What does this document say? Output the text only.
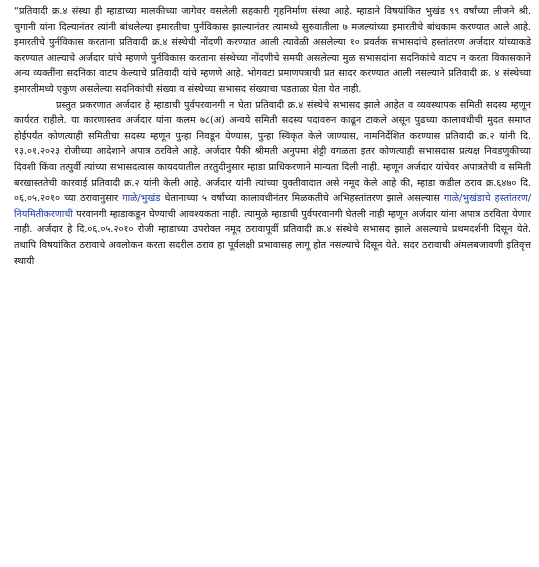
“प्रतिवादी क्र.४ संस्था ही म्हाडाच्या मालकीच्या जागेवर वसलेली सहकारी गृहनिर्माण संस्था आहे. म्हाडाने विषयांकित भुखंड ९९ वर्षांच्या लीजने श्री. चुगानी यांना दिल्यानंतर त्यांनी बांधलेल्या इमारतीचा पुर्नविकास झाल्यानंतर त्यामध्ये सुरुवातीला ७ मजल्यांच्या इमारतीचे बांधकाम करण्यात आले आहे. इमारतीचे पुर्नविकास करताना प्रतिवादी क्र.४ संस्थेची नोंदणी करण्यात आली त्यावेळी असलेल्या १० प्रवर्तक सभासदांचे हस्तांतरण अर्जदार यांच्याकडे करण्यात आल्याचे अर्जदार यांचे म्हणणे पुर्नविकास करताना संस्थेच्या नोंदणीचे समयी असलेल्या मुळ सभासदांना सदनिकांचे वाटप न करता विकासकाने अन्य व्यक्तींना सदनिका वाटप केल्याचे प्रतिवादी यांचे म्हणणे आहे. भोगवटा प्रमाणपत्राची प्रत सादर करण्यात आली नसल्याने प्रतिवादी क्र. ४ संस्थेच्या इमारतीमध्ये एकुण असलेल्या सदनिकांची संख्या व संस्थेच्या सभासद संख्याचा पडताळा घेता येत नाही.

प्रस्तुत प्रकरणात अर्जदार हे म्हाडाची पुर्वपरवानगी न घेता प्रतिवादी क्र.४ संस्थेचे सभासद झाले आहेत व व्यवस्थापक समिती सदस्य म्हणून कार्यरत राहीले. या कारणास्तव अर्जदार यांना कलम ७८(अ) अन्वये समिती सदस्य पदावरुन काढून टाकले असून पुढच्या कालावधीची मुदत समाप्त होईपर्यंत कोणत्याही समितीचा सदस्य म्हणून पुन्हा निवडून येण्यास, पुन्हा स्विकृत केले जाण्यास, नामनिर्देशित करण्यास प्रतिवादी क्र.२ यांनी दि. १३.०१.२०२३ रोजीच्या आदेशाने अपात्र ठरविले आहे. अर्जदार पैकी श्रीमती अनुपमा शेट्टी वगळता इतर कोणत्याही सभासदास प्रत्यक्ष निवडणुकीच्या दिवशी किंवा तत्पुर्वी त्यांच्या सभासदत्वास कायदयातील तरतुदीनुसार म्हाडा प्राधिकरणाने मान्यता दिली नाही. म्हणून अर्जदार यांचेवर अपात्रतेची व समिती बरखास्ततेची कारवाई प्रतिवादी क्र.२ यांनी केली आहे. अर्जदार यांनी त्यांच्या युक्तीवादात असे नमूद केले आहे की, म्हाडा कडील ठराव क्र.६४७० दि. ०६.०५.२०१० च्या ठरावानुसार गाळे/भुखंड धेतानाच्या ५ वर्षांच्या कालावधीनंतर मिळकतीचे अभिहस्तांतरण झाले असल्यास गाळे/भुखंडाचे हस्तांतरण/नियमितीकरणाची परवानगी म्हाडाकडून घेण्याची आवश्यकता नाही. त्यामुळे म्हाडाची पुर्वपरवानगी घेतली नाही म्हणून अर्जदार यांना अपात्र ठरविता येणार नाही. अर्जदार हे दि.०६.०५.२०१० रोजी म्हाडाच्या उपरोक्त नमूद ठरावापूर्वी प्रतिवादी क्र.४ संस्थेचे सभासद झाले असल्याचे प्रथमदर्शनी दिसून येते. तथापि विषयांकित ठरावाचे अवलोकन करता सदरील ठराव हा पूर्वलक्षी प्रभावासह लागू होत नसल्याचे दिसून येते. सदर ठरावाची अंमलबजावणी इतिवृत्त स्थायी
